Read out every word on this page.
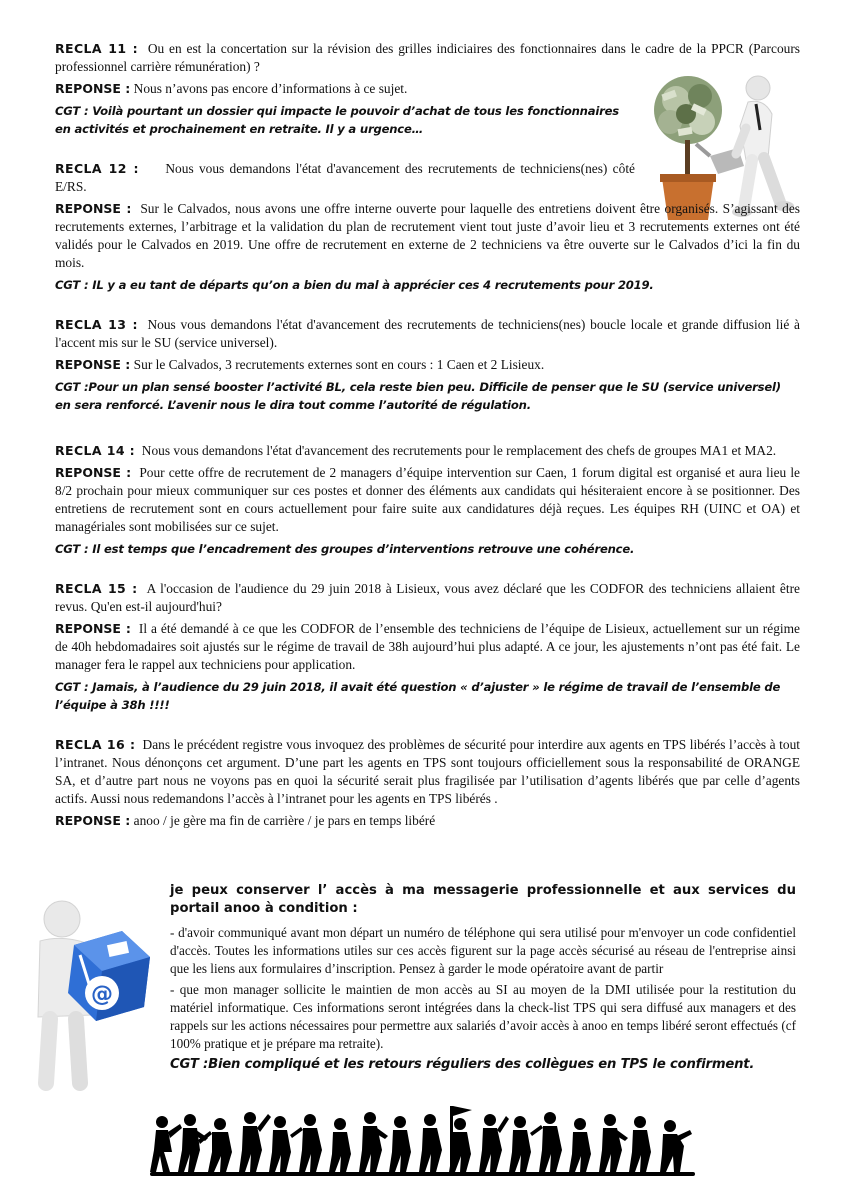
@

RECLA 11 : Ou en est la concertation sur la révision des grilles indiciaires des fonctionnaires dans le cadre de la PPCR (Parcours professionnel carrière rémunération) ?

REPONSE : Nous n’avons pas encore d’informations à ce sujet.

CGT : Voilà pourtant un dossier qui impacte le pouvoir d’achat de tous les fonctionnaires en activités et prochainement en retraite. Il y a urgence…

RECLA 12 : Nous vous demandons l'état d'avancement des recrutements de techniciens(nes) côté E/RS.

REPONSE : Sur le Calvados, nous avons une offre interne ouverte pour laquelle des entretiens doivent être organisés. S’agissant des recrutements externes, l’arbitrage et la validation du plan de recrutement vient tout juste d’avoir lieu et 3 recrutements externes ont été validés pour le Calvados en 2019. Une offre de recrutement en externe de 2 techniciens va être ouverte sur le Calvados d’ici la fin du mois.

CGT : IL y a eu tant de départs qu’on a bien du mal à apprécier ces 4 recrutements pour 2019.

RECLA 13 : Nous vous demandons l'état d'avancement des recrutements de techniciens(nes) boucle locale et grande diffusion lié à l'accent mis sur le SU (service universel).

REPONSE : Sur le Calvados, 3 recrutements externes sont en cours : 1 Caen et 2 Lisieux.

CGT :Pour un plan sensé booster l’activité BL, cela reste bien peu. Difficile de penser que le SU (service universel) en sera renforcé. L’avenir nous le dira tout comme l’autorité de régulation.

RECLA 14 : Nous vous demandons l'état d'avancement des recrutements pour le remplacement des chefs de groupes MA1 et MA2.

REPONSE : Pour cette offre de recrutement de 2 managers d’équipe intervention sur Caen, 1 forum digital est organisé et aura lieu le 8/2 prochain pour mieux communiquer sur ces postes et donner des éléments aux candidats qui hésiteraient encore à se positionner. Des entretiens de recrutement sont en cours actuellement pour faire suite aux candidatures déjà reçues. Les équipes RH (UINC et OA) et managériales sont mobilisées sur ce sujet.

CGT : Il est temps que l’encadrement des groupes d’interventions retrouve une cohérence.

RECLA 15 : A l'occasion de l'audience du 29 juin 2018 à Lisieux, vous avez déclaré que les CODFOR des techniciens allaient être revus. Qu'en est-il aujourd'hui?

REPONSE : Il a été demandé à ce que les CODFOR de l’ensemble des techniciens de l’équipe de Lisieux, actuellement sur un régime de 40h hebdomadaires soit ajustés sur le régime de travail de 38h aujourd’hui plus adapté. A ce jour, les ajustements n’ont pas été fait. Le manager fera le rappel aux techniciens pour application.

CGT : Jamais, à l’audience du 29 juin 2018, il avait été question « d’ajuster » le régime de travail de l’ensemble de l’équipe à 38h !!!!

RECLA 16 : Dans le précédent registre vous invoquez des problèmes de sécurité pour interdire aux agents en TPS libérés l’accès à tout l’intranet. Nous dénonçons cet argument. D’une part les agents en TPS sont toujours officiellement sous la responsabilité de ORANGE SA, et d’autre part nous ne voyons pas en quoi la sécurité serait plus fragilisée par l’utilisation d’agents libérés que par celle d’agents actifs. Aussi nous redemandons l’accès à l’intranet pour les agents en TPS libérés .

REPONSE : anoo / je gère ma fin de carrière / je pars en temps libéré

je peux conserver l’ accès à ma messagerie professionnelle et aux services du portail anoo à condition :

- d'avoir communiqué avant mon départ un numéro de téléphone qui sera utilisé pour m'envoyer un code confidentiel d'accès. Toutes les informations utiles sur ces accès figurent sur la page accès sécurisé au réseau de l'entreprise ainsi que les liens aux formulaires d’inscription. Pensez à garder le mode opératoire avant de partir

- que mon manager sollicite le maintien de mon accès au SI au moyen de la DMI utilisée pour la restitution du matériel informatique. Ces informations seront intégrées dans la check-list TPS qui sera diffusé aux managers et des rappels sur les actions nécessaires pour permettre aux salariés d’avoir accès à anoo en temps libéré seront effectués (cf 100% pratique et je prépare ma retraite).

CGT :Bien compliqué et les retours réguliers des collègues en TPS le confirment.
